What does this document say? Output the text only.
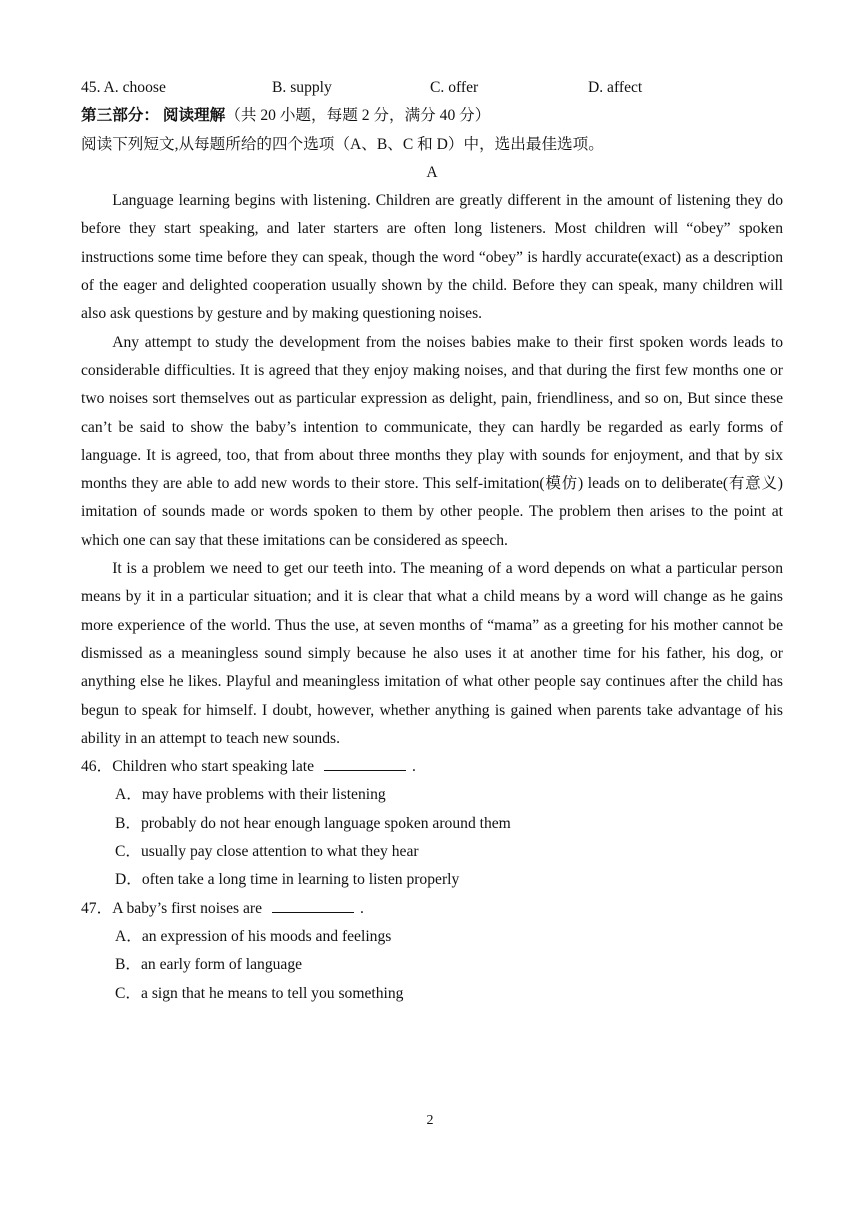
45. A. choose	B. supply	C. offer	D. affect
第三部分： 阅读理解（共 20 小题，每题 2 分，满分 40 分）
阅读下列短文,从每题所给的四个选项（A、B、C 和 D）中，选出最佳选项。
A

Language learning begins with listening. Children are greatly different in the amount of listening they do before they start speaking, and later starters are often long listeners. Most children will “obey” spoken instructions some time before they can speak, though the word “obey” is hardly accurate(exact) as a description of the eager and delighted cooperation usually shown by the child. Before they can speak, many children will also ask questions by gesture and by making questioning noises.

Any attempt to study the development from the noises babies make to their first spoken words leads to considerable difficulties. It is agreed that they enjoy making noises, and that during the first few months one or two noises sort themselves out as particular expression as delight, pain, friendliness, and so on, But since these can’t be said to show the baby’s intention to communicate, they can hardly be regarded as early forms of language. It is agreed, too, that from about three months they play with sounds for enjoyment, and that by six months they are able to add new words to their store. This self-imitation(模仿) leads on to deliberate(有意义) imitation of sounds made or words spoken to them by other people. The problem then arises to the point at which one can say that these imitations can be considered as speech.

It is a problem we need to get our teeth into. The meaning of a word depends on what a particular person means by it in a particular situation; and it is clear that what a child means by a word will change as he gains more experience of the world. Thus the use, at seven months of “mama” as a greeting for his mother cannot be dismissed as a meaningless sound simply because he also uses it at another time for his father, his dog, or anything else he likes. Playful and meaningless imitation of what other people say continues after the child has begun to speak for himself. I doubt, however, whether anything is gained when parents take advantage of his ability in an attempt to teach new sounds.

46．Children who start speaking late	.
A．may have problems with their listening
B．probably do not hear enough language spoken around them
C．usually pay close attention to what they hear
D．often take a long time in learning to listen properly
47．A baby’s first noises are	.
A．an expression of his moods and feelings
B．an early form of language
C．a sign that he means to tell you something
2
